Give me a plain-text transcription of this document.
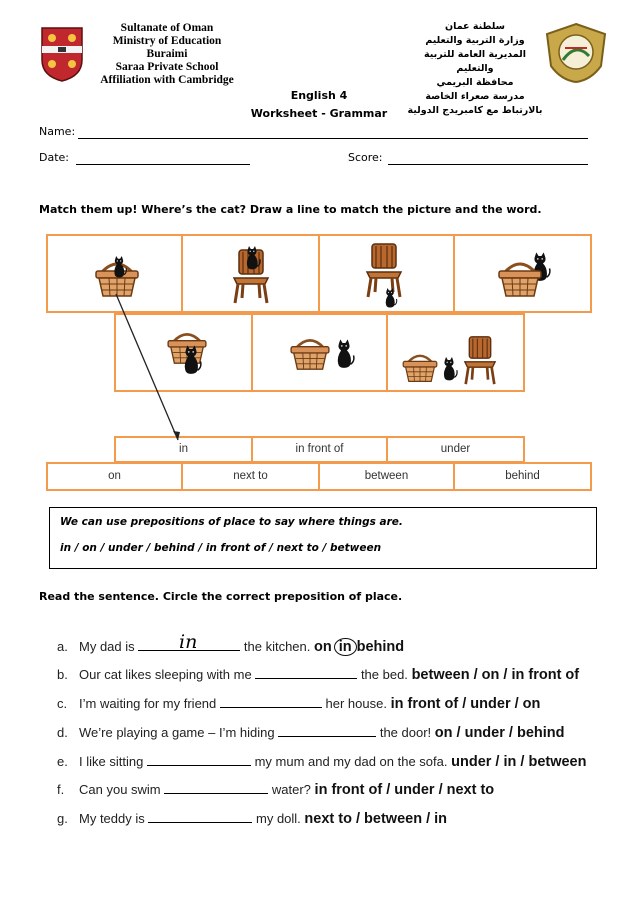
Sultanate of Oman
Ministry of Education
Buraimi
Saraa Private School
Affiliation with Cambridge
سلطنة عمان
وزارة التربية والتعليم
المديرية العامة للتربية والتعليم
محافظة البريمي
مدرسة صعراء الخاصة
بالارتباط مع كامبريدج الدولية
English 4
Worksheet - Grammar
Name:
Date:	Score:
Match them up! Where’s the cat? Draw a line to match the picture and the word.
in	in front of	under
on	next to	between	behind
We can use prepositions of place to say where things are.
in / on / under / behind / in front of / next to / between
Read the sentence. Circle the correct preposition of place.
a. My dad is	the kitchen. on in behind
in
b. Our cat likes sleeping with me	the bed. between / on / in front of
c. I’m waiting for my friend	her house. in front of / under / on
d. We’re playing a game – I’m hiding	the door! on / under / behind
e. I like sitting	my mum and my dad on the sofa. under / in / between
f. Can you swim	water? in front of / under / next to
g. My teddy is	my doll. next to / between / in
